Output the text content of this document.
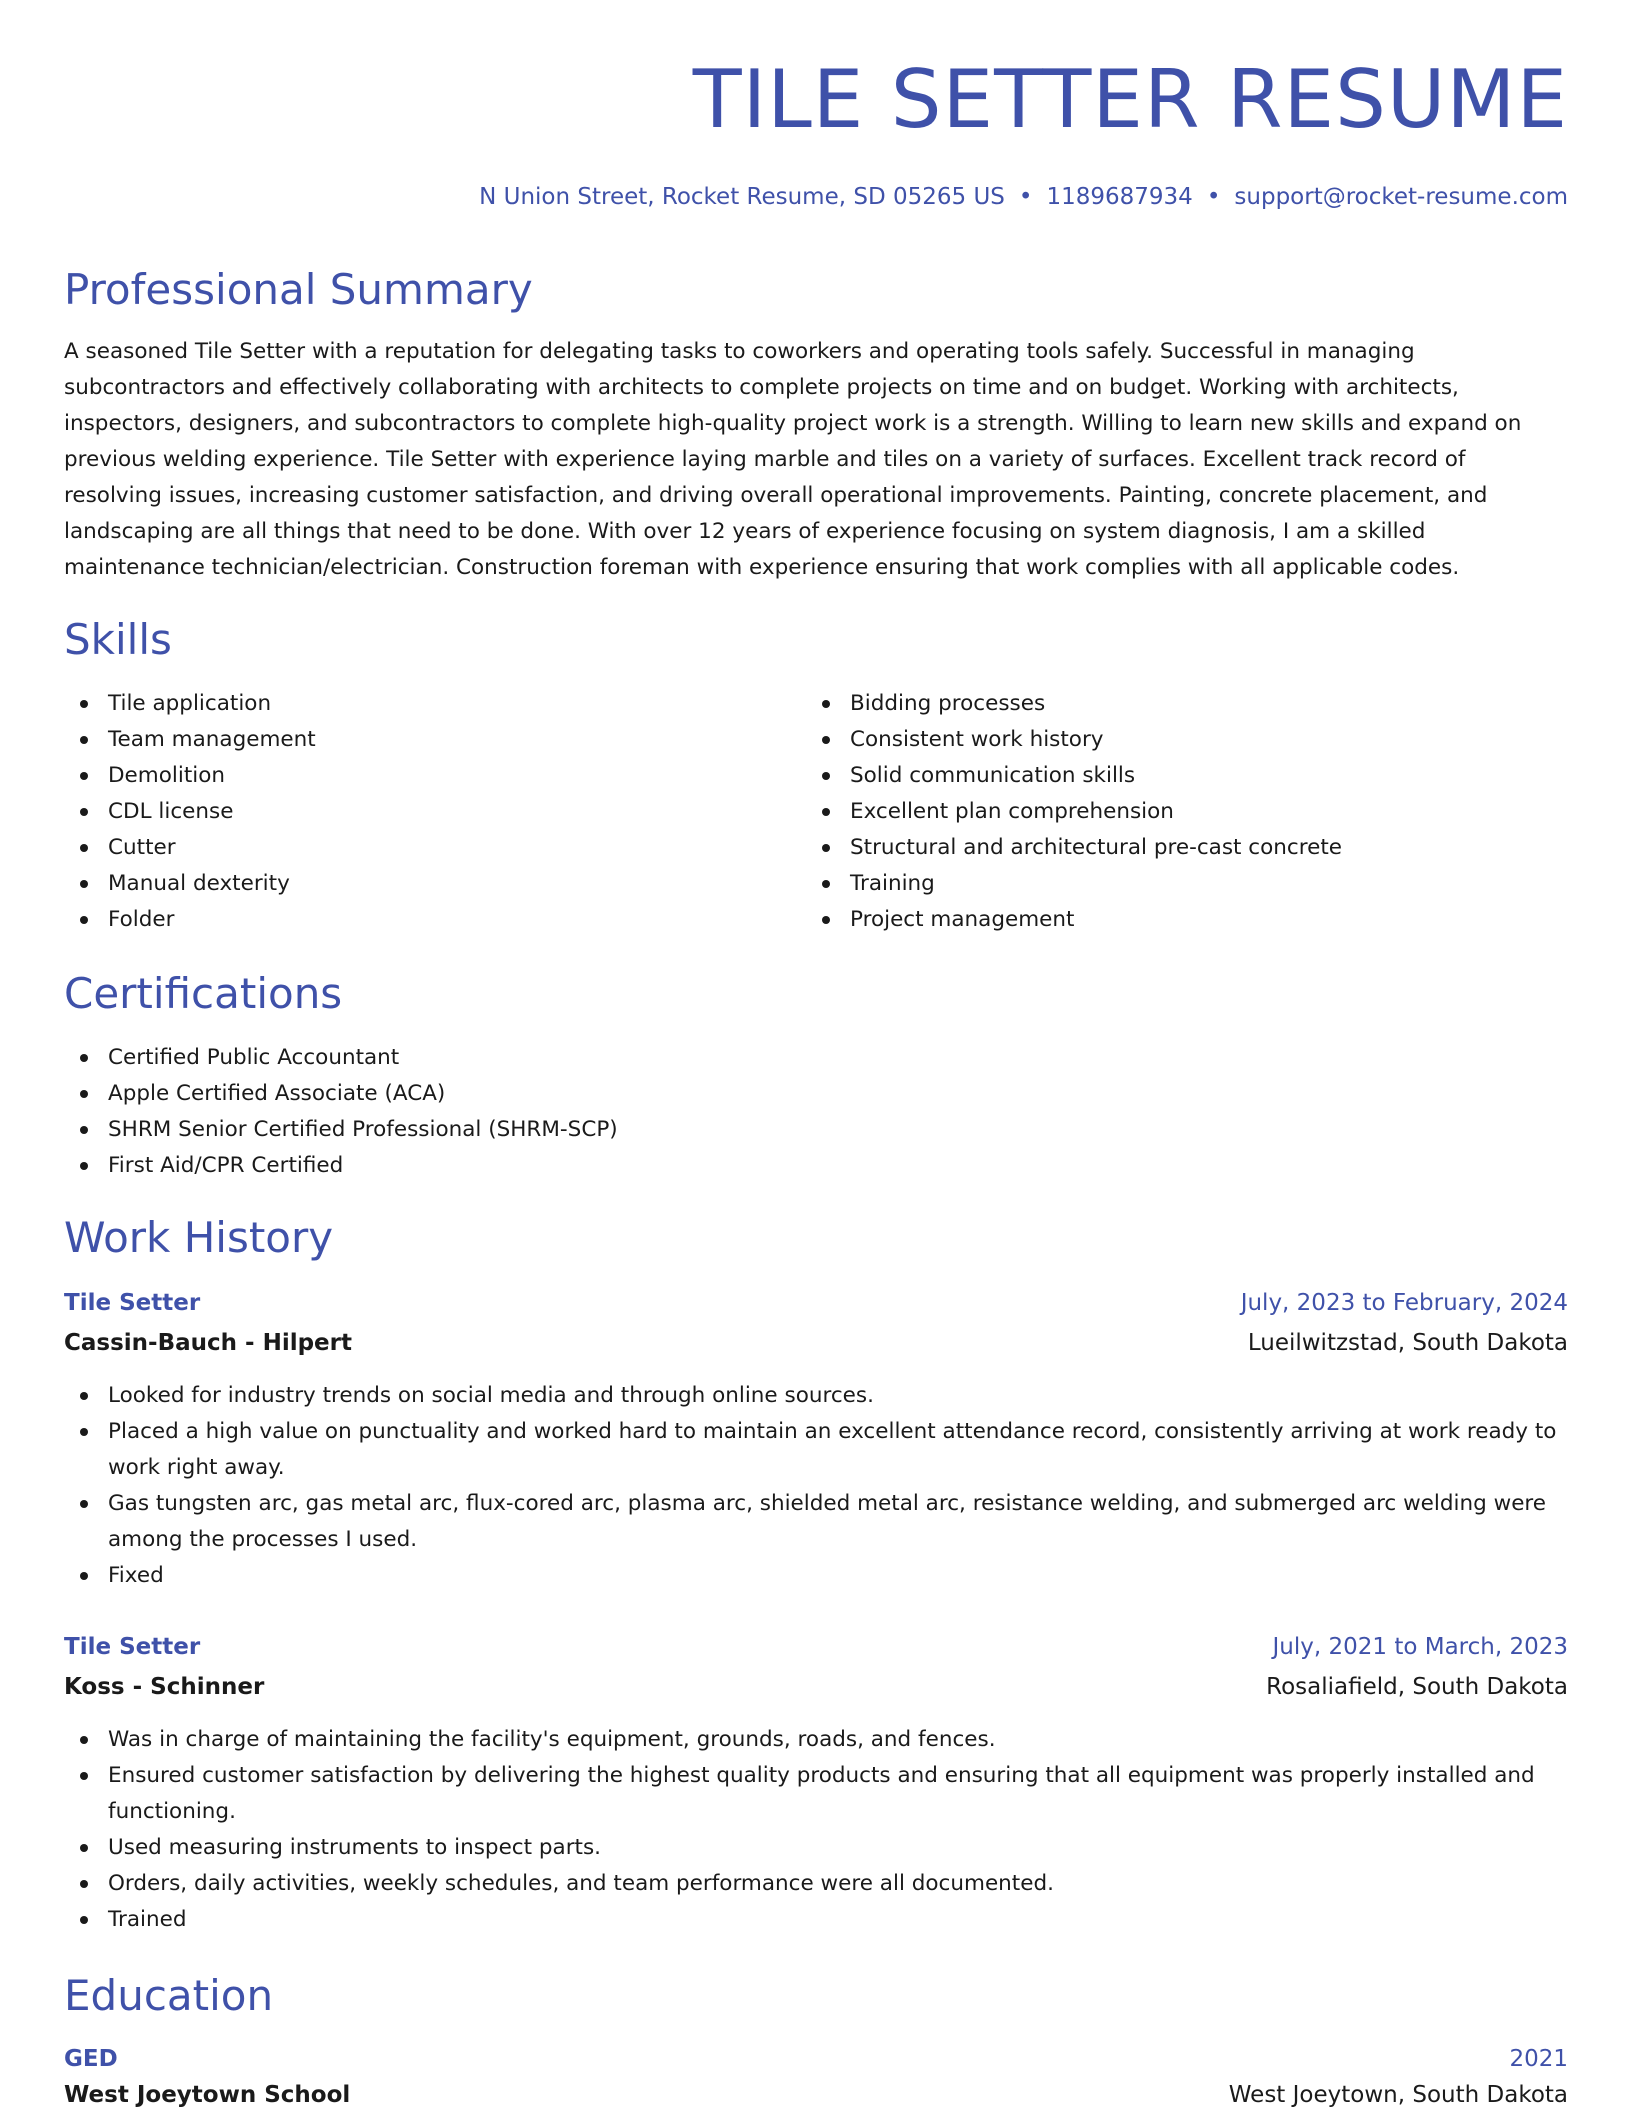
TILE SETTER RESUME
N Union Street, Rocket Resume, SD 05265 US • 1189687934 • support@rocket-resume.com
Professional Summary

A seasoned Tile Setter with a reputation for delegating tasks to coworkers and operating tools safely. Successful in managing subcontractors and effectively collaborating with architects to complete projects on time and on budget. Working with architects, inspectors, designers, and subcontractors to complete high-quality project work is a strength. Willing to learn new skills and expand on previous welding experience. Tile Setter with experience laying marble and tiles on a variety of surfaces. Excellent track record of resolving issues, increasing customer satisfaction, and driving overall operational improvements. Painting, concrete placement, and landscaping are all things that need to be done. With over 12 years of experience focusing on system diagnosis, I am a skilled maintenance technician/electrician. Construction foreman with experience ensuring that work complies with all applicable codes.

Skills
Tile application
Team management
Demolition
CDL license
Cutter
Manual dexterity
Folder
Bidding processes
Consistent work history
Solid communication skills
Excellent plan comprehension
Structural and architectural pre-cast concrete
Training
Project management
Certifications
Certified Public Accountant
Apple Certified Associate (ACA)
SHRM Senior Certified Professional (SHRM-SCP)
First Aid/CPR Certified
Work History
Tile Setter	July, 2023 to February, 2024
Cassin-Bauch - Hilpert	Lueilwitzstad, South Dakota
Looked for industry trends on social media and through online sources.
Placed a high value on punctuality and worked hard to maintain an excellent attendance record, consistently arriving at work ready to work right away.
Gas tungsten arc, gas metal arc, flux-cored arc, plasma arc, shielded metal arc, resistance welding, and submerged arc welding were among the processes I used.
Fixed
Tile Setter	July, 2021 to March, 2023
Koss - Schinner	Rosaliafield, South Dakota
Was in charge of maintaining the facility's equipment, grounds, roads, and fences.
Ensured customer satisfaction by delivering the highest quality products and ensuring that all equipment was properly installed and functioning.
Used measuring instruments to inspect parts.
Orders, daily activities, weekly schedules, and team performance were all documented.
Trained
Education
GED	2021
West Joeytown School	West Joeytown, South Dakota
